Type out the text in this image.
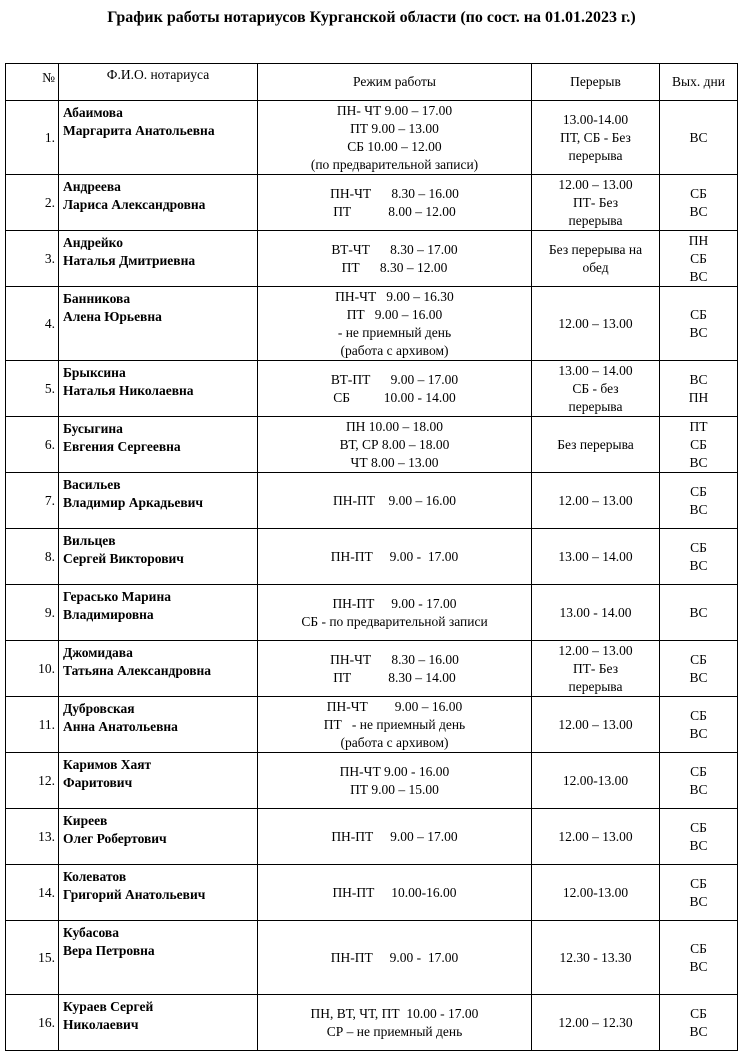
График работы нотариусов Курганской области (по сост. на 01.01.2023 г.)
№	Ф.И.О. нотариуса	Режим работы	Перерыв	Вых. дни
1.	Абаимова
Маргарита Анатольевна	ПН- ЧТ 9.00 – 17.00
ПТ 9.00 – 13.00
СБ 10.00 – 12.00
(по предварительной записи)	13.00-14.00
ПТ, СБ - Без
перерыва	ВС

2.	Андреева
Лариса Александровна	ПН-ЧТ      8.30 – 16.00
ПТ           8.00 – 12.00	12.00 – 13.00
ПТ- Без
перерыва	СБ
ВС

3.	Андрейко
Наталья Дмитриевна	ВТ-ЧТ      8.30 – 17.00
ПТ      8.30 – 12.00	Без перерыва на
обед	ПН
СБ
ВС

4.	Банникова
Алена Юрьевна	ПН-ЧТ   9.00 – 16.30
ПТ   9.00 – 16.00
- не приемный день
(работа с архивом)	12.00 – 13.00	СБ
ВС

5.	Брыксина
Наталья Николаевна	ВТ-ПТ      9.00 – 17.00
СБ          10.00 - 14.00	13.00 – 14.00
СБ - без
перерыва	ВС
ПН

6.	Бусыгина
Евгения Сергеевна	ПН 10.00 – 18.00
ВТ, СР 8.00 – 18.00
ЧТ 8.00 – 13.00	Без перерыва	ПТ
СБ
ВС

7.	Васильев
Владимир Аркадьевич	ПН-ПТ    9.00 – 16.00	12.00 – 13.00	СБ
ВС

8.	Вильцев
Сергей Викторович	ПН-ПТ     9.00 -  17.00	13.00 – 14.00	СБ
ВС

9.	Герасько Марина
Владимировна	ПН-ПТ     9.00 - 17.00
СБ - по предварительной записи	13.00 - 14.00	ВС

10.	Джомидава
Татьяна Александровна	ПН-ЧТ      8.30 – 16.00
ПТ           8.30 – 14.00	12.00 – 13.00
ПТ- Без
перерыва	СБ
ВС

11.	Дубровская
Анна Анатольевна	ПН-ЧТ        9.00 – 16.00
ПТ   - не приемный день
(работа с архивом)	12.00 – 13.00	СБ
ВС

12.	Каримов Хаят
Фаритович	ПН-ЧТ 9.00 - 16.00
ПТ 9.00 – 15.00	12.00-13.00	СБ
ВС

13.	Киреев
Олег Робертович	ПН-ПТ     9.00 – 17.00	12.00 – 13.00	СБ
ВС

14.	Колеватов
Григорий Анатольевич	ПН-ПТ     10.00-16.00	12.00-13.00	СБ
ВС

15.	Кубасова
Вера Петровна	ПН-ПТ     9.00 -  17.00	12.30 - 13.30	СБ
ВС

16.	Кураев Сергей
Николаевич	ПН, ВТ, ЧТ, ПТ  10.00 - 17.00
СР – не приемный день	12.00 – 12.30	СБ
ВС
